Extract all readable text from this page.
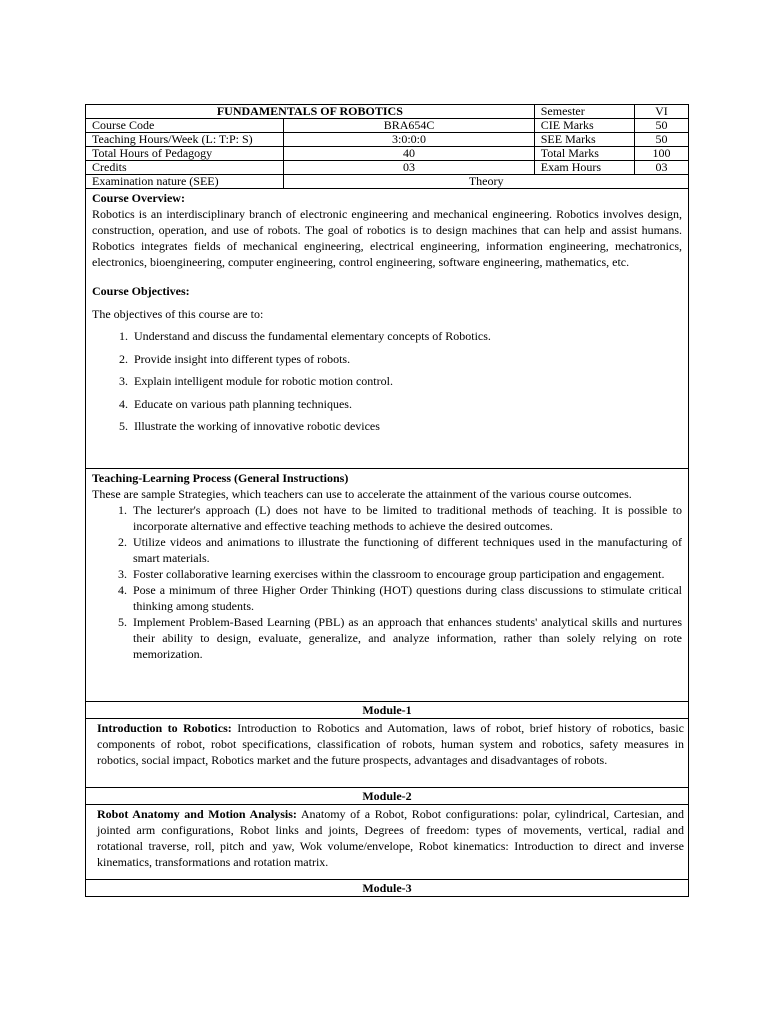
FUNDAMENTALS OF ROBOTICS		Semester	VI
Course Code	BRA654C	CIE Marks	50
Teaching Hours/Week (L: T:P: S)	3:0:0:0	SEE Marks	50
Total Hours of Pedagogy	40	Total Marks	100
Credits	03	Exam Hours	03
Examination nature (SEE)	Theory		
Course Overview:
Robotics is an interdisciplinary branch of electronic engineering and mechanical engineering. Robotics involves design, construction, operation, and use of robots. The goal of robotics is to design machines that can help and assist humans. Robotics integrates fields of mechanical engineering, electrical engineering, information engineering, mechatronics, electronics, bioengineering, computer engineering, control engineering, software engineering, mathematics, etc.
Course Objectives:
The objectives of this course are to:
1. Understand and discuss the fundamental elementary concepts of Robotics.
2. Provide insight into different types of robots.
3. Explain intelligent module for robotic motion control.
4. Educate on various path planning techniques.
5. Illustrate the working of innovative robotic devices
Teaching-Learning Process (General Instructions)
These are sample Strategies, which teachers can use to accelerate the attainment of the various course outcomes.
1. The lecturer's approach (L) does not have to be limited to traditional methods of teaching. It is possible to incorporate alternative and effective teaching methods to achieve the desired outcomes.
2. Utilize videos and animations to illustrate the functioning of different techniques used in the manufacturing of smart materials.
3. Foster collaborative learning exercises within the classroom to encourage group participation and engagement.
4. Pose a minimum of three Higher Order Thinking (HOT) questions during class discussions to stimulate critical thinking among students.
5. Implement Problem-Based Learning (PBL) as an approach that enhances students' analytical skills and nurtures their ability to design, evaluate, generalize, and analyze information, rather than solely relying on rote memorization.
Module-1
Introduction to Robotics: Introduction to Robotics and Automation, laws of robot, brief history of robotics, basic components of robot, robot specifications, classification of robots, human system and robotics, safety measures in robotics, social impact, Robotics market and the future prospects, advantages and disadvantages of robots.
Module-2
Robot Anatomy and Motion Analysis: Anatomy of a Robot, Robot configurations: polar, cylindrical, Cartesian, and jointed arm configurations, Robot links and joints, Degrees of freedom: types of movements, vertical, radial and rotational traverse, roll, pitch and yaw, Wok volume/envelope, Robot kinematics: Introduction to direct and inverse kinematics, transformations and rotation matrix.
Module-3
